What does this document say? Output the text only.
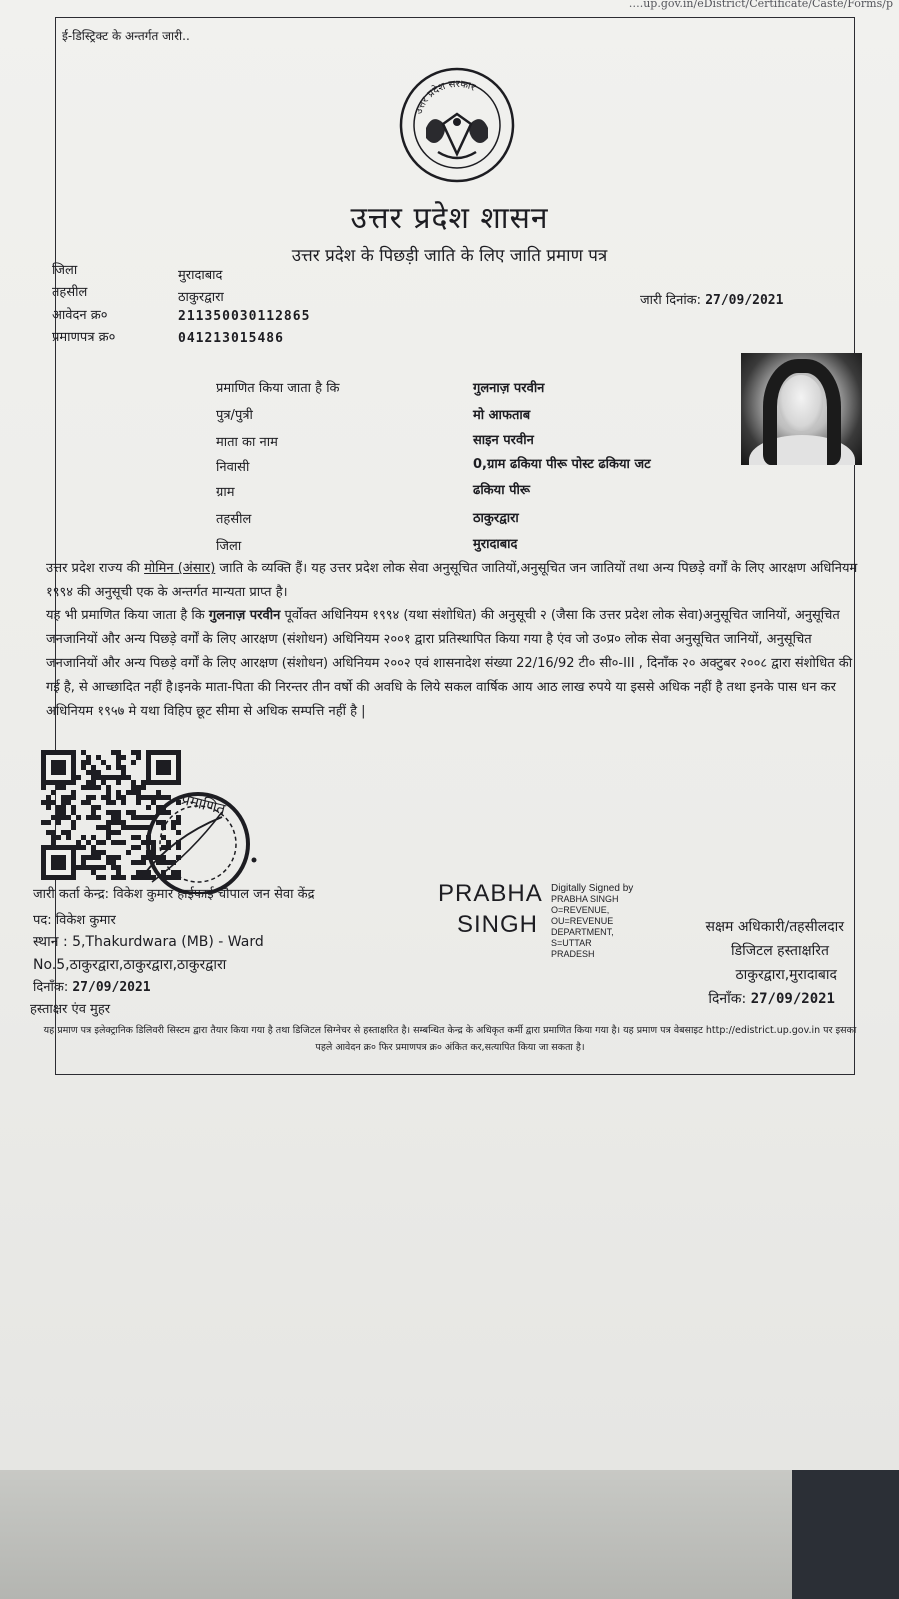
….up.gov.in/eDistrict/Certificate/Caste/Forms/p
ई-डिस्ट्रिक्ट के अन्तर्गत जारी..
उत्तर प्रदेश सरकार
उत्तर प्रदेश शासन
उत्तर प्रदेश के पिछड़ी जाति के लिए जाति प्रमाण पत्र
जिला	मुरादाबाद
तहसील	ठाकुरद्वारा
आवेदन क्र०	211350030112865
प्रमाणपत्र क्र०	041213015486
जारी दिनांक: 27/09/2021
प्रमाणित किया जाता है कि	गुलनाज़ परवीन
पुत्र/पुत्री	मो आफताब
माता का नाम	साइन परवीन
निवासी	0,ग्राम ढकिया पीरू पोस्ट ढकिया जट
ग्राम	ढकिया पीरू
तहसील	ठाकुरद्वारा
जिला	मुरादाबाद
उत्तर प्रदेश राज्य की मोमिन (अंसार) जाति के व्यक्ति हैं। यह उत्तर प्रदेश लोक सेवा अनुसूचित जातियों,अनुसूचित जन जातियों तथा अन्य पिछड़े वर्गों के लिए आरक्षण अधिनियम १९९४ की अनुसूची एक के अन्तर्गत मान्यता प्राप्त है।
यह भी प्रमाणित किया जाता है कि गुलनाज़ परवीन पूर्वोक्त अधिनियम १९९४ (यथा संशोधित) की अनुसूची २ (जैसा कि उत्तर प्रदेश लोक सेवा)अनुसूचित जानियों, अनुसूचित जनजानियों और अन्य पिछड़े वर्गों के लिए आरक्षण (संशोधन) अधिनियम २००१ द्वारा प्रतिस्थापित किया गया है एंव जो उ०प्र० लोक सेवा अनुसूचित जानियों, अनुसूचित जनजानियों और अन्य पिछड़े वर्गों के लिए आरक्षण (संशोधन) अधिनियम २००२ एवं शासनादेश संख्या 22/16/92 टी० सी०-III , दिनाँक २० अक्टुबर २००८ द्वारा संशोधित की गई है, से आच्छादित नहीं है।इनके माता-पिता की निरन्तर तीन वर्षो की अवधि के लिये सकल वार्षिक आय आठ लाख रुपये या इससे अधिक नहीं है तथा इनके पास धन कर अधिनियम १९५७ मे यथा विहिप छूट सीमा से अधिक सम्पत्ति नहीं है |
प्रमाणित
जारी कर्ता केन्द्र: विकेश कुमार हाईफाई चौपाल जन सेवा केंद्र
पद: विकेश कुमार
स्थान : 5,Thakurdwara (MB) - Ward
No.5,ठाकुरद्वारा,ठाकुरद्वारा,ठाकुरद्वारा
दिनाँक: 27/09/2021
हस्ताक्षर एंव मुहर
PRABHA
SINGH
Digitally Signed by
PRABHA SINGH
O=REVENUE,
OU=REVENUE
DEPARTMENT,
S=UTTAR
PRADESH
सक्षम अधिकारी/तहसीलदार
डिजिटल हस्ताक्षरित
ठाकुरद्वारा,मुरादाबाद
दिनाँक: 27/09/2021
यह प्रमाण पत्र इलेक्ट्रानिक डिलिवरी सिस्टम द्वारा तैयार किया गया है तथा डिजिटल सिग्नेचर से हस्ताक्षरित है। सम्बन्धित केन्द्र के अधिकृत कर्मी द्वारा प्रमाणित किया गया है। यह प्रमाण पत्र वेबसाइट http://edistrict.up.gov.in पर इसका पहले आवेदन क्र० फिर प्रमाणपत्र क्र० अंकित कर,सत्यापित किया जा सकता है।
